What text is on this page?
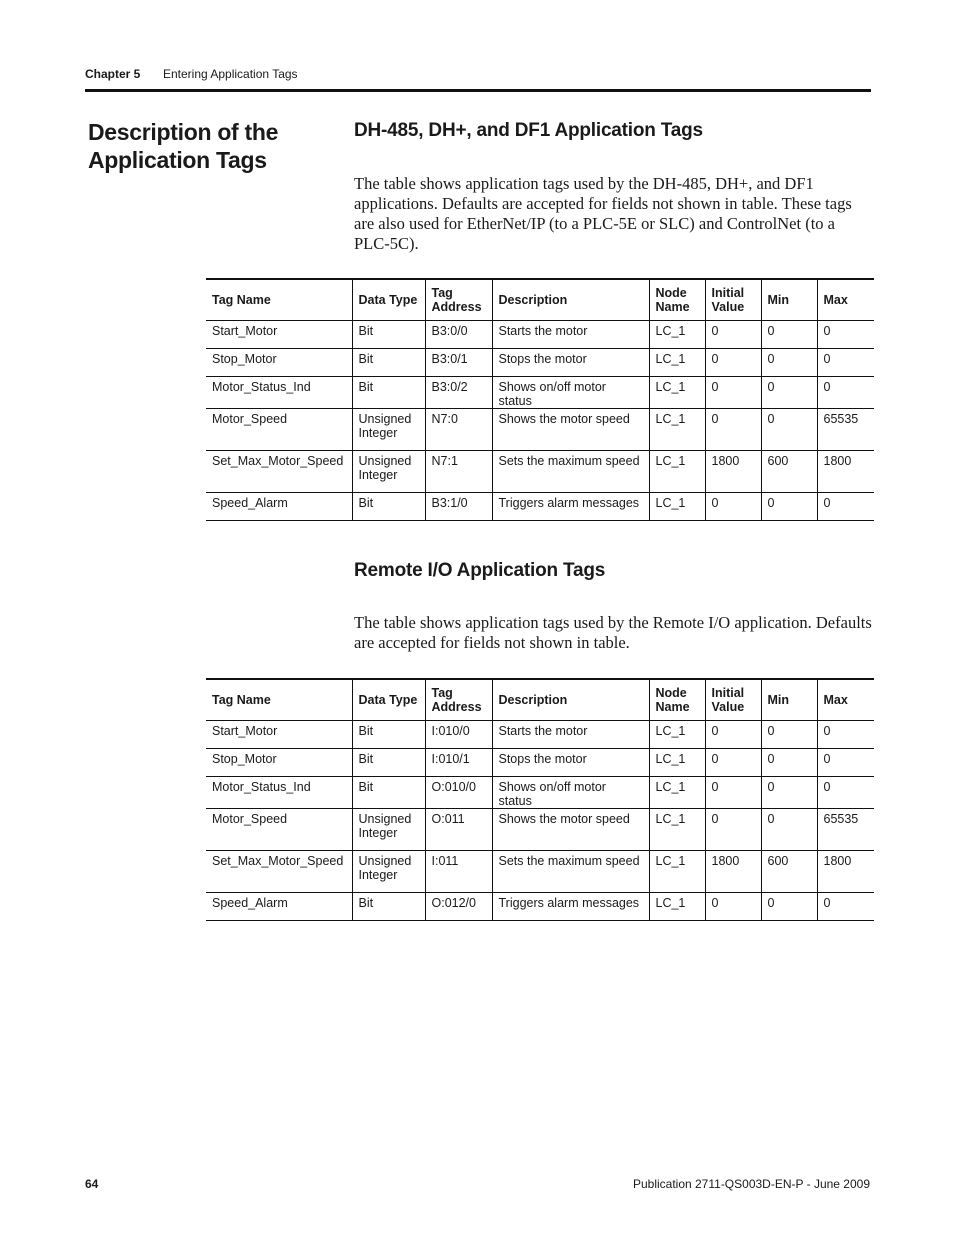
Chapter 5 Entering Application Tags
Description of the Application Tags
DH-485, DH+, and DF1 Application Tags
The table shows application tags used by the DH-485, DH+, and DF1 applications. Defaults are accepted for fields not shown in table. These tags are also used for EtherNet/IP (to a PLC-5E or SLC) and ControlNet (to a PLC-5C).
Tag Name	Data Type	Tag Address	Description	Node Name	Initial Value	Min	Max
Start_Motor	Bit	B3:0/0	Starts the motor	LC_1	0	0	0
Stop_Motor	Bit	B3:0/1	Stops the motor	LC_1	0	0	0
Motor_Status_Ind	Bit	B3:0/2	Shows on/off motor status	LC_1	0	0	0
Motor_Speed	Unsigned Integer	N7:0	Shows the motor speed	LC_1	0	0	65535
Set_Max_Motor_Speed	Unsigned Integer	N7:1	Sets the maximum speed	LC_1	1800	600	1800
Speed_Alarm	Bit	B3:1/0	Triggers alarm messages	LC_1	0	0	0
Remote I/O Application Tags
The table shows application tags used by the Remote I/O application. Defaults are accepted for fields not shown in table.
Tag Name	Data Type	Tag Address	Description	Node Name	Initial Value	Min	Max
Start_Motor	Bit	I:010/0	Starts the motor	LC_1	0	0	0
Stop_Motor	Bit	I:010/1	Stops the motor	LC_1	0	0	0
Motor_Status_Ind	Bit	O:010/0	Shows on/off motor status	LC_1	0	0	0
Motor_Speed	Unsigned Integer	O:011	Shows the motor speed	LC_1	0	0	65535
Set_Max_Motor_Speed	Unsigned Integer	I:011	Sets the maximum speed	LC_1	1800	600	1800
Speed_Alarm	Bit	O:012/0	Triggers alarm messages	LC_1	0	0	0
64	Publication 2711-QS003D-EN-P - June 2009
